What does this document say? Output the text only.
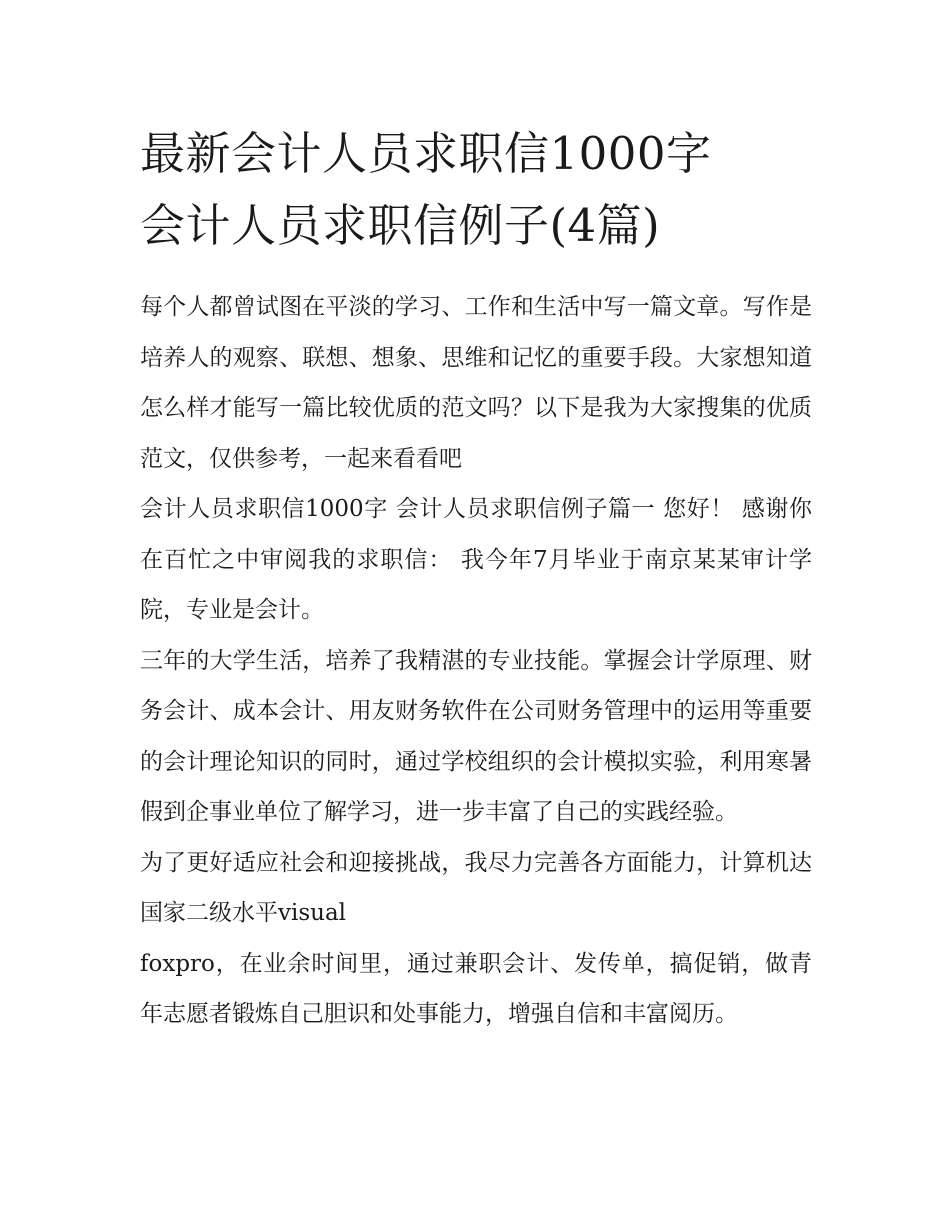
最新会计人员求职信1000字
会计人员求职信例子(4篇)

每个人都曾试图在平淡的学习、工作和生活中写一篇文章。写作是培养人的观察、联想、想象、思维和记忆的重要手段。大家想知道怎么样才能写一篇比较优质的范文吗？以下是我为大家搜集的优质范文，仅供参考，一起来看看吧

会计人员求职信1000字 会计人员求职信例子篇一 您好！ 感谢你在百忙之中审阅我的求职信： 我今年7月毕业于南京某某审计学院，专业是会计。

三年的大学生活，培养了我精湛的专业技能。掌握会计学原理、财务会计、成本会计、用友财务软件在公司财务管理中的运用等重要的会计理论知识的同时，通过学校组织的会计模拟实验，利用寒暑假到企事业单位了解学习，进一步丰富了自己的实践经验。

为了更好适应社会和迎接挑战，我尽力完善各方面能力，计算机达国家二级水平visual

foxpro，在业余时间里，通过兼职会计、发传单，搞促销，做青年志愿者锻炼自己胆识和处事能力，增强自信和丰富阅历。
